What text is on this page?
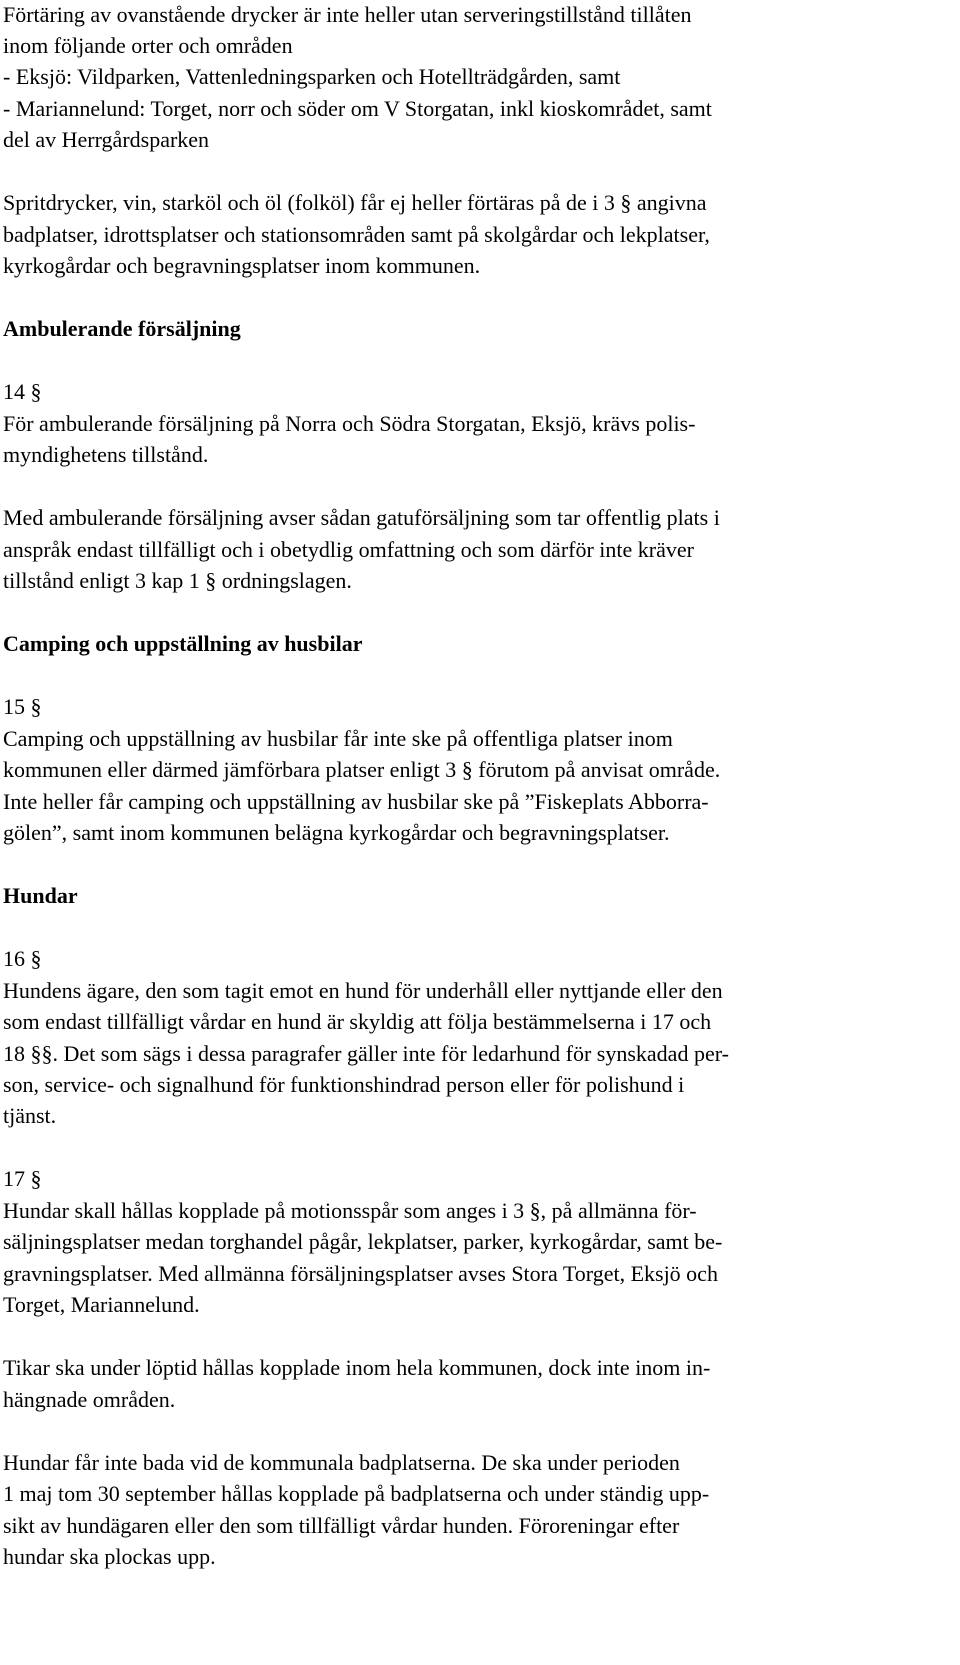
Förtäring av ovanstående drycker är inte heller utan serveringstillstånd tillåten
inom följande orter och områden
- Eksjö: Vildparken, Vattenledningsparken och Hotellträdgården, samt
- Mariannelund: Torget, norr och söder om V Storgatan, inkl kioskområdet, samt
del av Herrgårdsparken
Spritdrycker, vin, starköl och öl (folköl) får ej heller förtäras på de i 3 § angivna
badplatser, idrottsplatser och stationsområden samt på skolgårdar och lekplatser,
kyrkogårdar och begravningsplatser inom kommunen.
Ambulerande försäljning
14 §
För ambulerande försäljning på Norra och Södra Storgatan, Eksjö, krävs polis-
myndighetens tillstånd.
Med ambulerande försäljning avser sådan gatuförsäljning som tar offentlig plats i
anspråk endast tillfälligt och i obetydlig omfattning och som därför inte kräver
tillstånd enligt 3 kap 1 § ordningslagen.
Camping och uppställning av husbilar
15 §
Camping och uppställning av husbilar får inte ske på offentliga platser inom
kommunen eller därmed jämförbara platser enligt 3 § förutom på anvisat område.
Inte heller får camping och uppställning av husbilar ske på ”Fiskeplats Abborra-
gölen”, samt inom kommunen belägna kyrkogårdar och begravningsplatser.
Hundar
16 §
Hundens ägare, den som tagit emot en hund för underhåll eller nyttjande eller den
som endast tillfälligt vårdar en hund är skyldig att följa bestämmelserna i 17 och
18 §§. Det som sägs i dessa paragrafer gäller inte för ledarhund för synskadad per-
son, service- och signalhund för funktionshindrad person eller för polishund i
tjänst.
17 §
Hundar skall hållas kopplade på motionsspår som anges i 3 §, på allmänna för-
säljningsplatser medan torghandel pågår, lekplatser, parker, kyrkogårdar, samt be-
gravningsplatser. Med allmänna försäljningsplatser avses Stora Torget, Eksjö och
Torget, Mariannelund.
Tikar ska under löptid hållas kopplade inom hela kommunen, dock inte inom in-
hängnade områden.
Hundar får inte bada vid de kommunala badplatserna. De ska under perioden
1 maj tom 30 september hållas kopplade på badplatserna och under ständig upp-
sikt av hundägaren eller den som tillfälligt vårdar hunden. Föroreningar efter
hundar ska plockas upp.
